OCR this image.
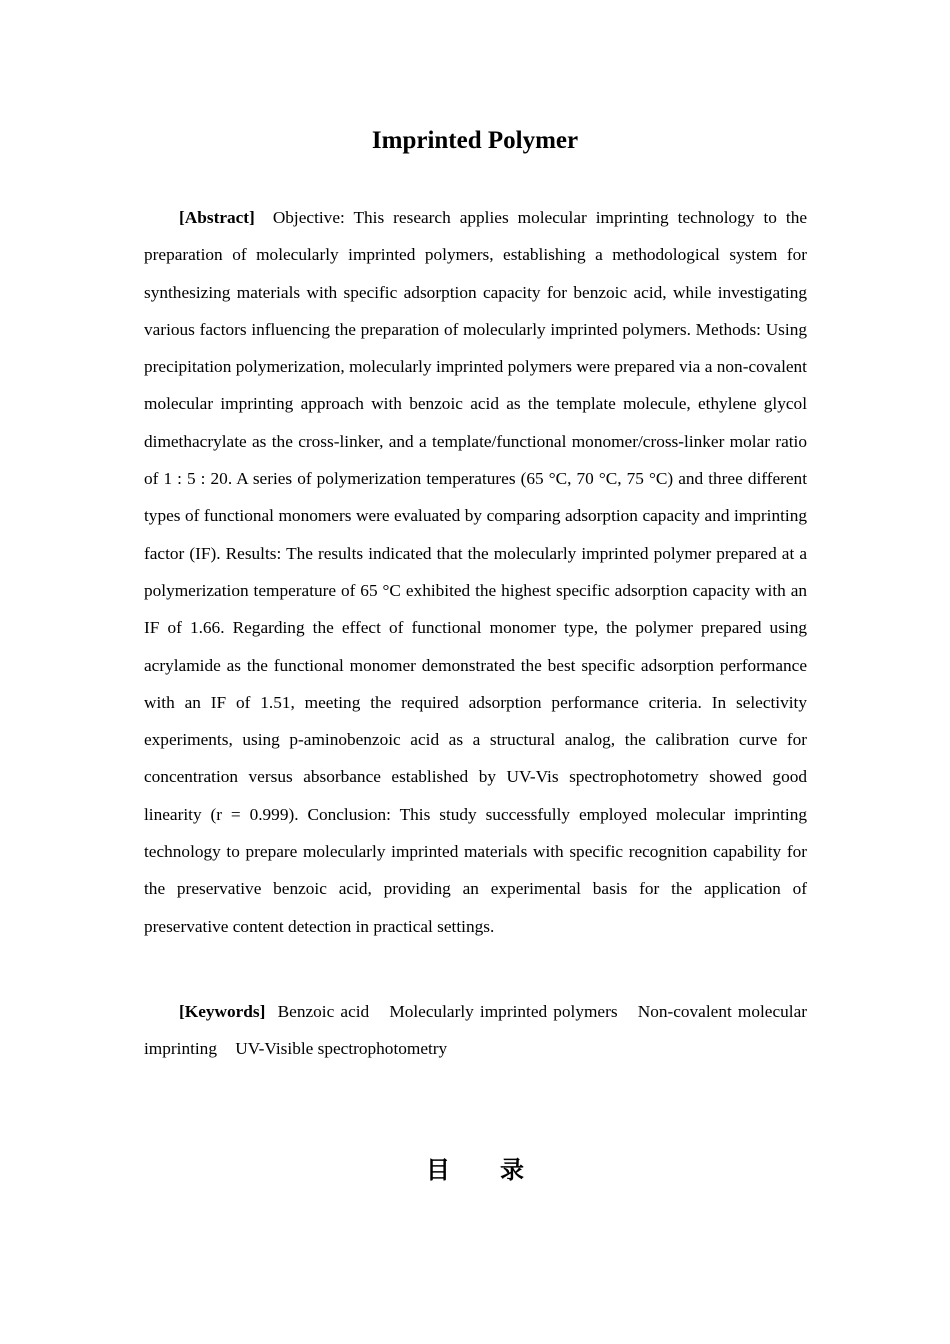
Imprinted Polymer

[Abstract] Objective: This research applies molecular imprinting technology to the preparation of molecularly imprinted polymers, establishing a methodological system for synthesizing materials with specific adsorption capacity for benzoic acid, while investigating various factors influencing the preparation of molecularly imprinted polymers. Methods: Using precipitation polymerization, molecularly imprinted polymers were prepared via a non-covalent molecular imprinting approach with benzoic acid as the template molecule, ethylene glycol dimethacrylate as the cross-linker, and a template/functional monomer/cross-linker molar ratio of 1 : 5 : 20. A series of polymerization temperatures (65 °C, 70 °C, 75 °C) and three different types of functional monomers were evaluated by comparing adsorption capacity and imprinting factor (IF). Results: The results indicated that the molecularly imprinted polymer prepared at a polymerization temperature of 65 °C exhibited the highest specific adsorption capacity with an IF of 1.66. Regarding the effect of functional monomer type, the polymer prepared using acrylamide as the functional monomer demonstrated the best specific adsorption performance with an IF of 1.51, meeting the required adsorption performance criteria. In selectivity experiments, using p-aminobenzoic acid as a structural analog, the calibration curve for concentration versus absorbance established by UV-Vis spectrophotometry showed good linearity (r = 0.999). Conclusion: This study successfully employed molecular imprinting technology to prepare molecularly imprinted materials with specific recognition capability for the preservative benzoic acid, providing an experimental basis for the application of preservative content detection in practical settings.

[Keywords] Benzoic acid Molecularly imprinted polymers Non-covalent molecular imprinting UV-Visible spectrophotometry

目录
